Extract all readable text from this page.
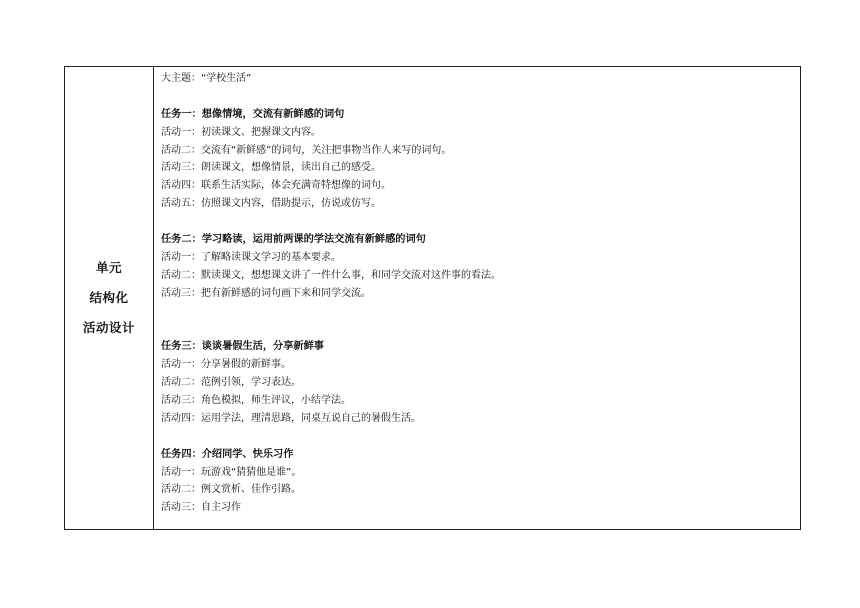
单元
结构化
活动设计
大主题：“学校生活”
任务一：想像情境，交流有新鲜感的词句
活动一：初读课文、把握课文内容。
活动二：交流有“新鲜感”的词句，关注把事物当作人来写的词句。
活动三：朗读课文，想像情景，读出自己的感受。
活动四：联系生活实际，体会充满奇特想像的词句。
活动五：仿照课文内容，借助提示，仿说或仿写。
任务二：学习略读，运用前两课的学法交流有新鲜感的词句
活动一：了解略读课文学习的基本要求。
活动二：默读课文，想想课文讲了一件什么事，和同学交流对这件事的看法。
活动三：把有新鲜感的词句画下来和同学交流。
任务三：谈谈暑假生活，分享新鲜事
活动一：分享暑假的新鲜事。
活动二：范例引领，学习表达。
活动三：角色模拟，师生评议，小结学法。
活动四：运用学法，理清思路，同桌互说自己的暑假生活。
任务四：介绍同学、快乐习作
活动一：玩游戏“猜猜他是谁”。
活动二：例文赏析、佳作引路。
活动三：自主习作
